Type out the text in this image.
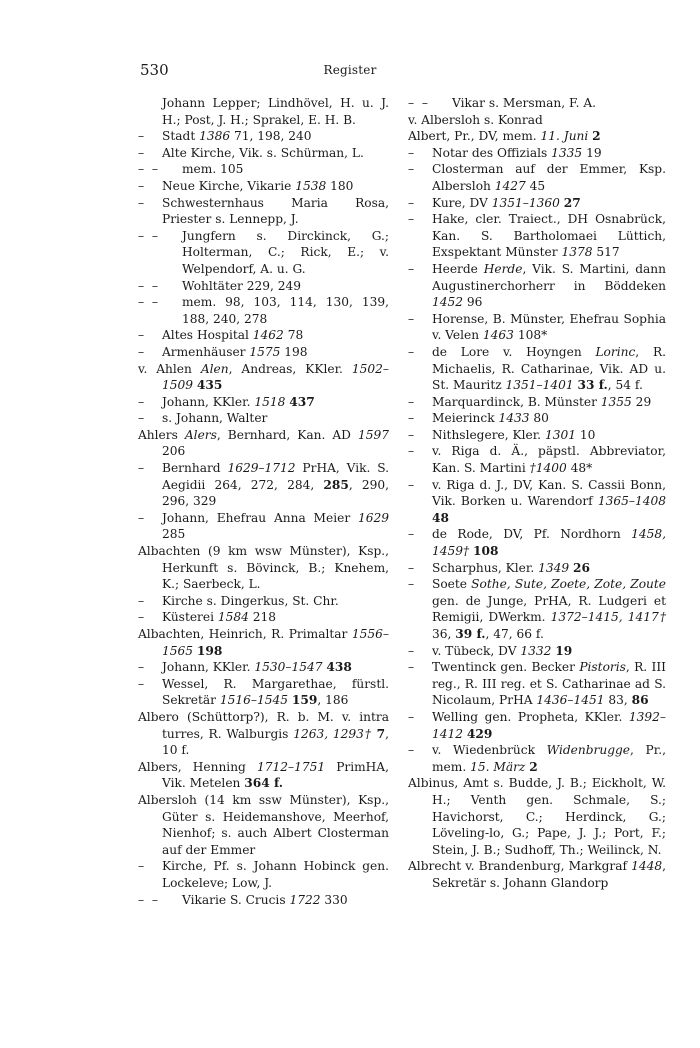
530	Register
Johann Lepper; Lindhövel, H. u. J. H.; Post, J. H.; Sprakel, E. H. B.
– Stadt 1386 71, 198, 240
– Alte Kirche, Vik. s. Schürman, L.
–  – mem. 105
– Neue Kirche, Vikarie 1538 180
– Schwesternhaus Maria Rosa, Priester s. Lennepp, J.
–  – Jungfern s. Dirckinck, G.; Holterman, C.; Rick, E.; v. Welpendorf, A. u. G.
–  – Wohltäter 229, 249
–  – mem. 98, 103, 114, 130, 139, 188, 240, 278
– Altes Hospital 1462 78
– Armenhäuser 1575 198
v. Ahlen Alen, Andreas, KKler. 1502–1509 435
– Johann, KKler. 1518 437
– s. Johann, Walter
Ahlers Alers, Bernhard, Kan. AD 1597 206
– Bernhard 1629–1712 PrHA, Vik. S. Aegidii 264, 272, 284, 285, 290, 296, 329
– Johann, Ehefrau Anna Meier 1629 285
Albachten (9 km wsw Münster), Ksp., Herkunft s. Bövinck, B.; Knehem, K.; Saerbeck, L.
– Kirche s. Dingerkus, St. Chr.
– Küsterei 1584 218
Albachten, Heinrich, R. Primaltar 1556–1565 198
– Johann, KKler. 1530–1547 438
– Wessel, R. Margarethae, fürstl. Sekretär 1516–1545 159, 186
Albero (Schüttorp?), R. b. M. v. intra turres, R. Walburgis 1263, 1293† 7, 10 f.
Albers, Henning 1712–1751 PrimHA, Vik. Metelen 364 f.
Albersloh (14 km ssw Münster), Ksp., Güter s. Heidemanshove, Meerhof, Nienhof; s. auch Albert Closterman auf der Emmer
– Kirche, Pf. s. Johann Hobinck gen. Lockeleve; Low, J.
–  – Vikarie S. Crucis 1722 330
–  – Vikar s. Mersman, F. A.
v. Albersloh s. Konrad
Albert, Pr., DV, mem. 11. Juni 2
– Notar des Offizials 1335 19
– Closterman auf der Emmer, Ksp. Albersloh 1427 45
– Kure, DV 1351–1360 27
– Hake, cler. Traiect., DH Osnabrück, Kan. S. Bartholomaei Lüttich, Exspektant Münster 1378 517
– Heerde Herde, Vik. S. Martini, dann Augustinerchorherr in Böddeken 1452 96
– Horense, B. Münster, Ehefrau Sophia v. Velen 1463 108*
– de Lore v. Hoyngen Lorinc, R. Michaelis, R. Catharinae, Vik. AD u. St. Mauritz 1351–1401 33 f., 54 f.
– Marquardinck, B. Münster 1355 29
– Meierinck 1433 80
– Nithslegere, Kler. 1301 10
– v. Riga d. Ä., päpstl. Abbreviator, Kan. S. Martini †1400 48*
– v. Riga d. J., DV, Kan. S. Cassii Bonn, Vik. Borken u. Warendorf 1365–1408 48
– de Rode, DV, Pf. Nordhorn 1458, 1459† 108
– Scharphus, Kler. 1349 26
– Soete Sothe, Sute, Zoete, Zote, Zoute gen. de Junge, PrHA, R. Ludgeri et Remigii, DWerkm. 1372–1415, 1417† 36, 39 f., 47, 66 f.
– v. Tübeck, DV 1332 19
– Twentinck gen. Becker Pistoris, R. III reg., R. III reg. et S. Catharinae ad S. Nicolaum, PrHA 1436–1451 83, 86
– Welling gen. Propheta, KKler. 1392–1412 429
– v. Wiedenbrück Widenbrugge, Pr., mem. 15. März 2
Albinus, Amt s. Budde, J. B.; Eickholt, W. H.; Venth gen. Schmale, S.; Havichorst, C.; Herdinck, G.; Löveling-lo, G.; Pape, J. J.; Port, F.; Stein, J. B.; Sudhoff, Th.; Weilinck, N.
Albrecht v. Brandenburg, Markgraf 1448, Sekretär s. Johann Glandorp
